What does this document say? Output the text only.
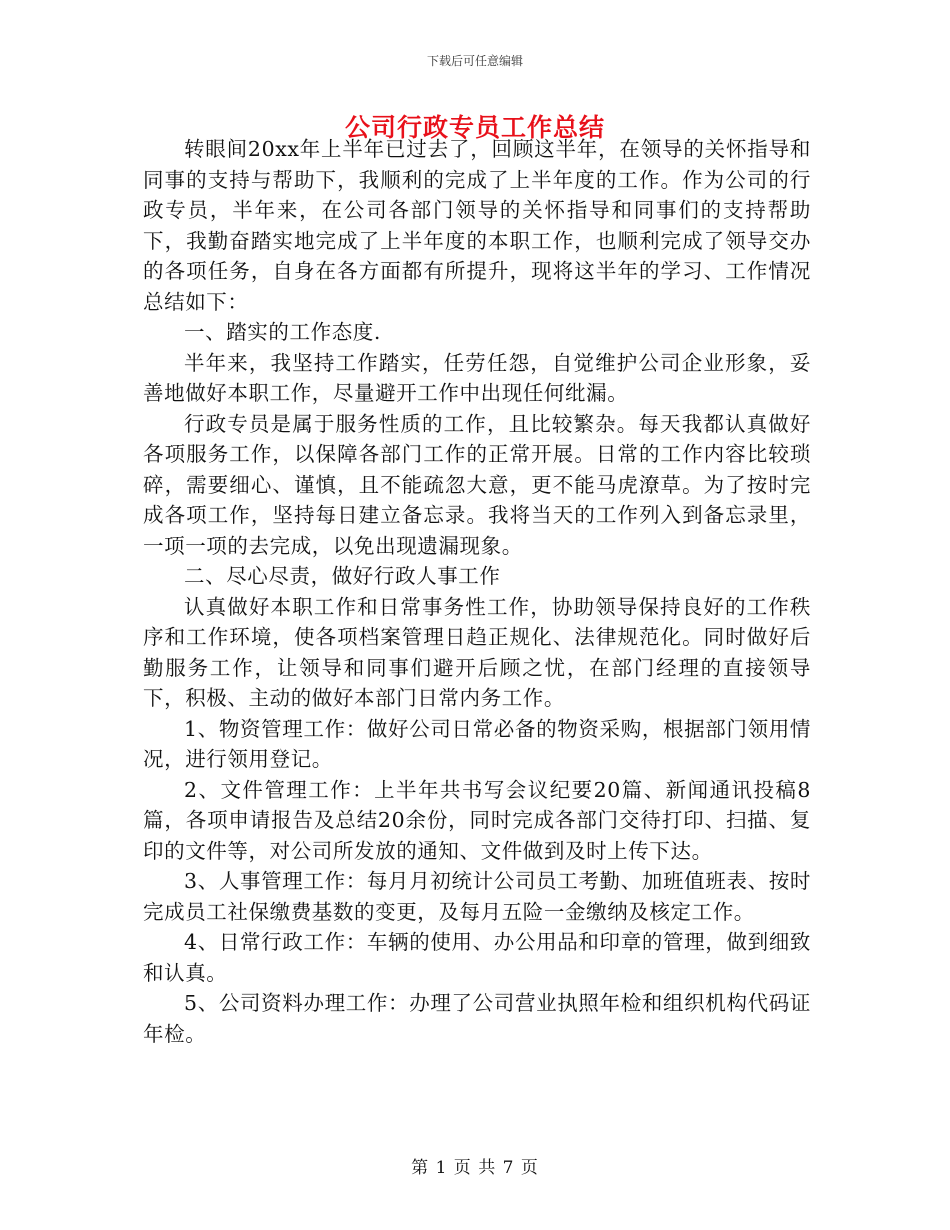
下载后可任意编辑
公司行政专员工作总结

转眼间20xx年上半年已过去了，回顾这半年，在领导的关怀指导和同事的支持与帮助下，我顺利的完成了上半年度的工作。作为公司的行政专员，半年来，在公司各部门领导的关怀指导和同事们的支持帮助下，我勤奋踏实地完成了上半年度的本职工作，也顺利完成了领导交办的各项任务，自身在各方面都有所提升，现将这半年的学习、工作情况总结如下：

一、踏实的工作态度.

半年来，我坚持工作踏实，任劳任怨，自觉维护公司企业形象，妥善地做好本职工作，尽量避开工作中出现任何纰漏。

行政专员是属于服务性质的工作，且比较繁杂。每天我都认真做好各项服务工作，以保障各部门工作的正常开展。日常的工作内容比较琐碎，需要细心、谨慎，且不能疏忽大意，更不能马虎潦草。为了按时完成各项工作，坚持每日建立备忘录。我将当天的工作列入到备忘录里，一项一项的去完成，以免出现遗漏现象。

二、尽心尽责，做好行政人事工作

认真做好本职工作和日常事务性工作，协助领导保持良好的工作秩序和工作环境，使各项档案管理日趋正规化、法律规范化。同时做好后勤服务工作，让领导和同事们避开后顾之忧，在部门经理的直接领导下，积极、主动的做好本部门日常内务工作。

1、物资管理工作：做好公司日常必备的物资采购，根据部门领用情况，进行领用登记。

2、文件管理工作：上半年共书写会议纪要20篇、新闻通讯投稿8篇，各项申请报告及总结20余份，同时完成各部门交待打印、扫描、复印的文件等，对公司所发放的通知、文件做到及时上传下达。

3、人事管理工作：每月月初统计公司员工考勤、加班值班表、按时完成员工社保缴费基数的变更，及每月五险一金缴纳及核定工作。

4、日常行政工作：车辆的使用、办公用品和印章的管理，做到细致和认真。

5、公司资料办理工作：办理了公司营业执照年检和组织机构代码证年检。

第 1 页 共 7 页
